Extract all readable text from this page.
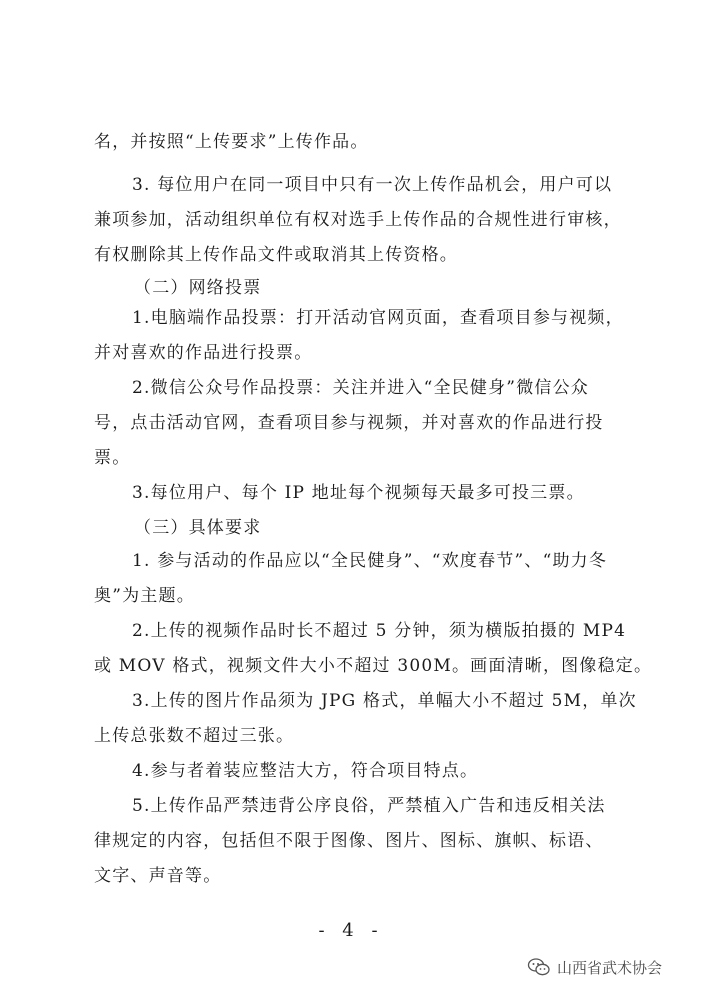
名，并按照“上传要求”上传作品。
3. 每位用户在同一项目中只有一次上传作品机会，用户可以
兼项参加，活动组织单位有权对选手上传作品的合规性进行审核，
有权删除其上传作品文件或取消其上传资格。
（二）网络投票
1.电脑端作品投票：打开活动官网页面，查看项目参与视频，
并对喜欢的作品进行投票。
2.微信公众号作品投票：关注并进入“全民健身”微信公众
号，点击活动官网，查看项目参与视频，并对喜欢的作品进行投
票。
3.每位用户、每个 IP 地址每个视频每天最多可投三票。
（三）具体要求
1. 参与活动的作品应以“全民健身”、“欢度春节”、“助力冬
奥”为主题。
2.上传的视频作品时长不超过 5 分钟，须为横版拍摄的 MP4
或 MOV 格式，视频文件大小不超过 300M。画面清晰，图像稳定。
3.上传的图片作品须为 JPG 格式，单幅大小不超过 5M，单次
上传总张数不超过三张。
4.参与者着装应整洁大方，符合项目特点。
5.上传作品严禁违背公序良俗，严禁植入广告和违反相关法
律规定的内容，包括但不限于图像、图片、图标、旗帜、标语、
文字、声音等。
- 4 -
山西省武术协会
